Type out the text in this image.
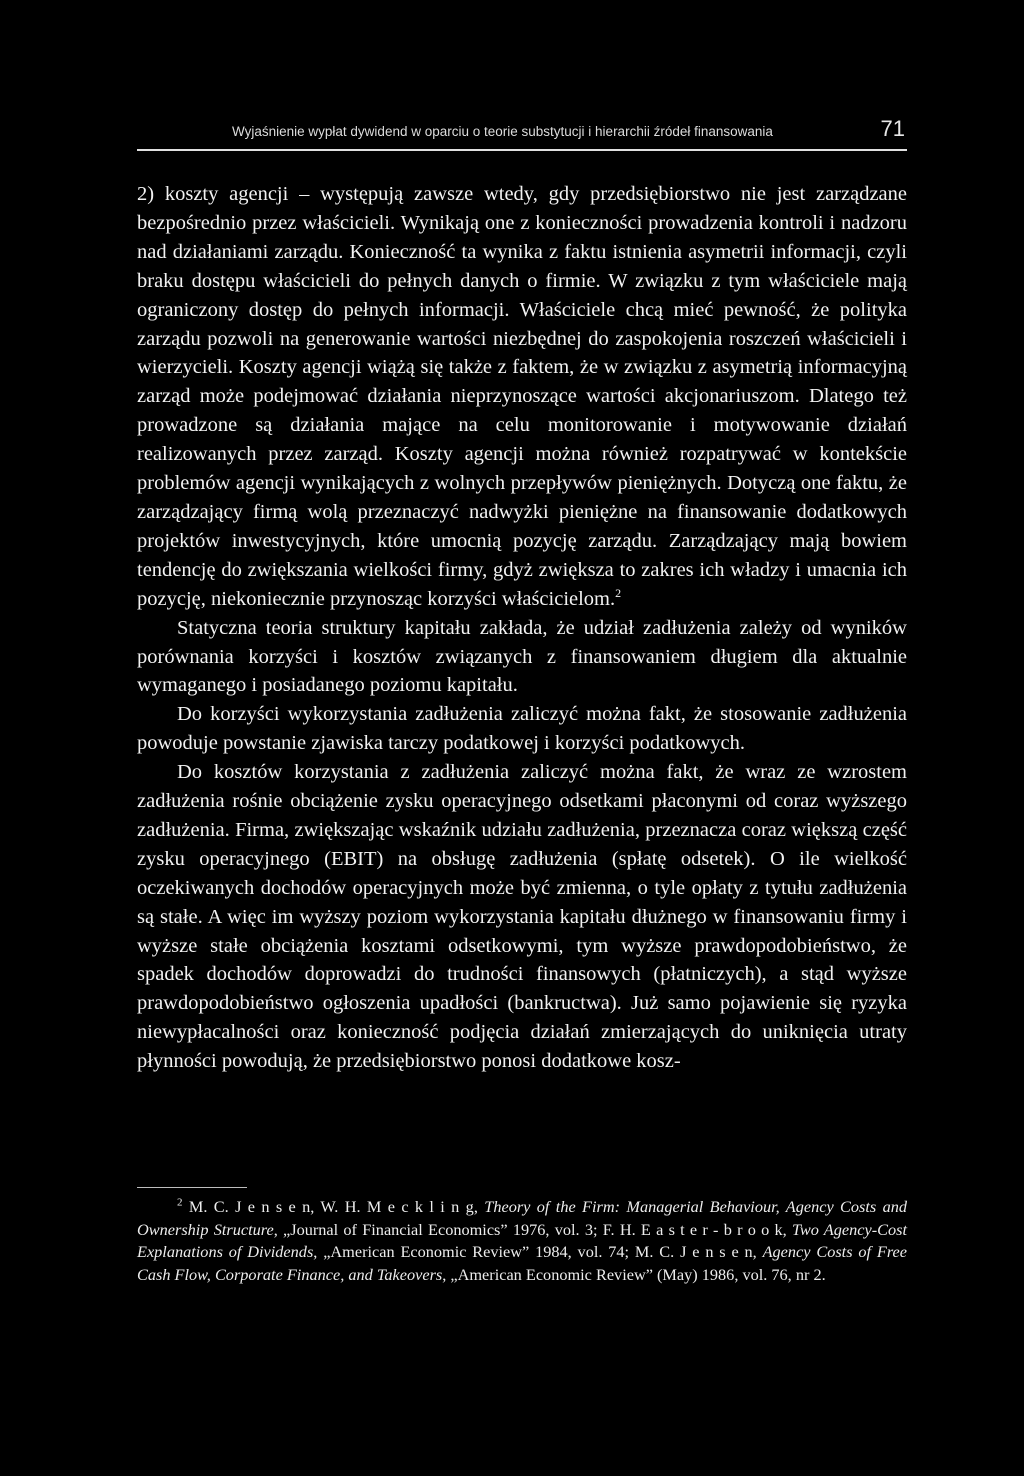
Wyjaśnienie wypłat dywidend w oparciu o teorie substytucji i hierarchii źródeł finansowania	71

2) koszty agencji – występują zawsze wtedy, gdy przedsiębiorstwo nie jest zarządzane bezpośrednio przez właścicieli. Wynikają one z konieczności prowadzenia kontroli i nadzoru nad działaniami zarządu. Konieczność ta wynika z faktu istnienia asymetrii informacji, czyli braku dostępu właścicieli do pełnych danych o firmie. W związku z tym właściciele mają ograniczony dostęp do pełnych informacji. Właściciele chcą mieć pewność, że polityka zarządu pozwoli na generowanie wartości niezbędnej do zaspokojenia roszczeń właścicieli i wierzycieli. Koszty agencji wiążą się także z faktem, że w związku z asymetrią informacyjną zarząd może podejmować działania nieprzynoszące wartości akcjonariuszom. Dlatego też prowadzone są działania mające na celu monitorowanie i motywowanie działań realizowanych przez zarząd. Koszty agencji można również rozpatrywać w kontekście problemów agencji wynikających z wolnych przepływów pieniężnych. Dotyczą one faktu, że zarządzający firmą wolą przeznaczyć nadwyżki pieniężne na finansowanie dodatkowych projektów inwestycyjnych, które umocnią pozycję zarządu. Zarządzający mają bowiem tendencję do zwiększania wielkości firmy, gdyż zwiększa to zakres ich władzy i umacnia ich pozycję, niekoniecznie przynosząc korzyści właścicielom.$^2$

Statyczna teoria struktury kapitału zakłada, że udział zadłużenia zależy od wyników porównania korzyści i kosztów związanych z finansowaniem długiem dla aktualnie wymaganego i posiadanego poziomu kapitału.

Do korzyści wykorzystania zadłużenia zaliczyć można fakt, że stosowanie zadłużenia powoduje powstanie zjawiska tarczy podatkowej i korzyści podatkowych.

Do kosztów korzystania z zadłużenia zaliczyć można fakt, że wraz ze wzrostem zadłużenia rośnie obciążenie zysku operacyjnego odsetkami płaconymi od coraz wyższego zadłużenia. Firma, zwiększając wskaźnik udziału zadłużenia, przeznacza coraz większą część zysku operacyjnego (EBIT) na obsługę zadłużenia (spłatę odsetek). O ile wielkość oczekiwanych dochodów operacyjnych może być zmienna, o tyle opłaty z tytułu zadłużenia są stałe. A więc im wyższy poziom wykorzystania kapitału dłużnego w finansowaniu firmy i wyższe stałe obciążenia kosztami odsetkowymi, tym wyższe prawdopodobieństwo, że spadek dochodów doprowadzi do trudności finansowych (płatniczych), a stąd wyższe prawdopodobieństwo ogłoszenia upadłości (bankructwa). Już samo pojawienie się ryzyka niewypłacalności oraz konieczność podjęcia działań zmierzających do uniknięcia utraty płynności powodują, że przedsiębiorstwo ponosi dodatkowe kosz-

$^2$ M. C. J e n s e n, W. H. M e c k l i n g, Theory of the Firm: Managerial Behaviour, Agency Costs and Ownership Structure, „Journal of Financial Economics” 1976, vol. 3; F. H. E a s t e r - b r o o k, Two Agency-Cost Explanations of Dividends, „American Economic Review” 1984, vol. 74; M. C. J e n s e n, Agency Costs of Free Cash Flow, Corporate Finance, and Takeovers, „American Economic Review” (May) 1986, vol. 76, nr 2.
